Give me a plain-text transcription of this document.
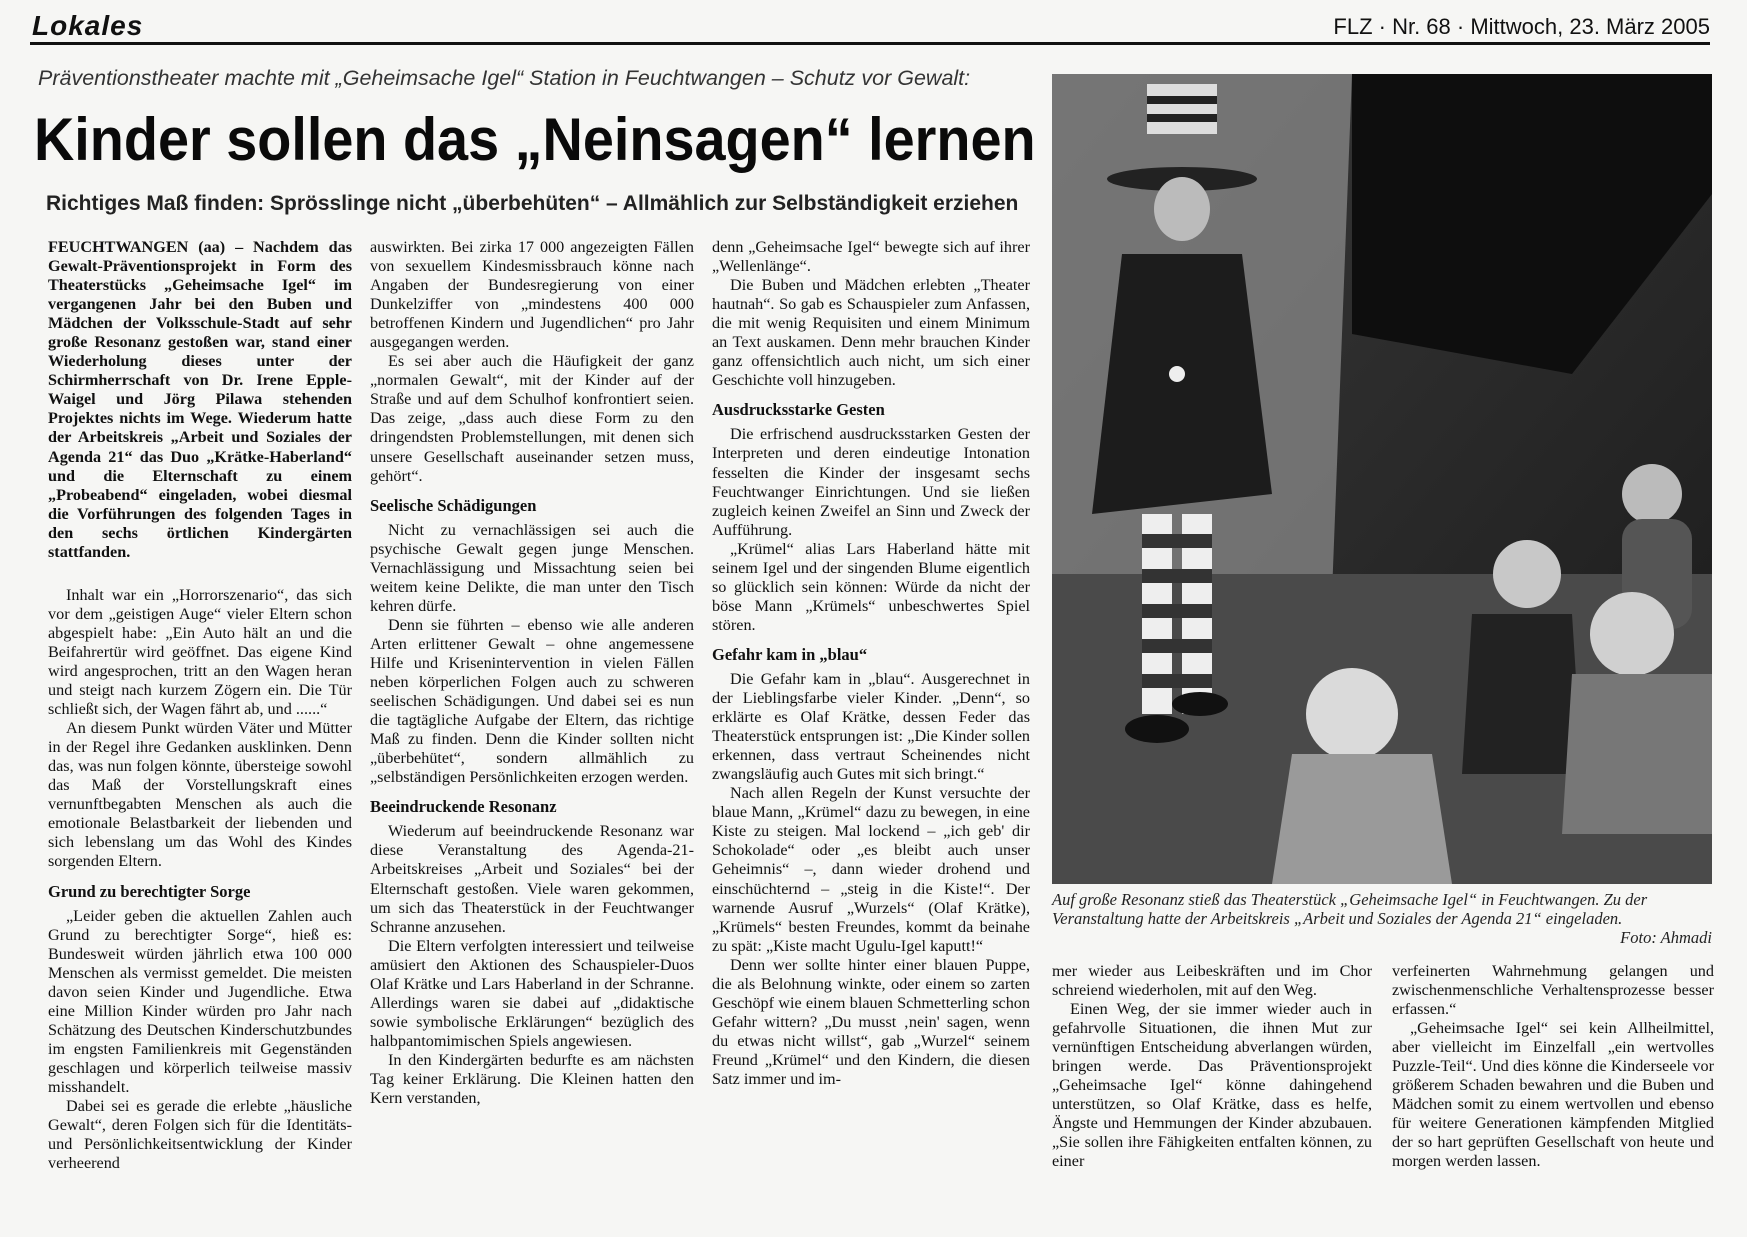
Lokales	FLZ · Nr. 68 · Mittwoch, 23. März 2005
Präventionstheater machte mit „Geheimsache Igel“ Station in Feuchtwangen – Schutz vor Gewalt:
Kinder sollen das „Neinsagen“ lernen
Richtiges Maß finden: Sprösslinge nicht „überbehüten“ – Allmählich zur Selbständigkeit erziehen

FEUCHTWANGEN (aa) – Nachdem das Gewalt-Präventionsprojekt in Form des Theaterstücks „Geheimsache Igel“ im vergangenen Jahr bei den Buben und Mädchen der Volksschule-Stadt auf sehr große Resonanz gestoßen war, stand einer Wiederholung dieses unter der Schirmherrschaft von Dr. Irene Epple-Waigel und Jörg Pilawa stehenden Projektes nichts im Wege. Wiederum hatte der Arbeitskreis „Arbeit und Soziales der Agenda 21“ das Duo „Krätke-Haberland“ und die Elternschaft zu einem „Probeabend“ eingeladen, wobei diesmal die Vorführungen des folgenden Tages in den sechs örtlichen Kindergärten stattfanden.

Inhalt war ein „Horrorszenario“, das sich vor dem „geistigen Auge“ vieler Eltern schon abgespielt habe: „Ein Auto hält an und die Beifahrertür wird geöffnet. Das eigene Kind wird angesprochen, tritt an den Wagen heran und steigt nach kurzem Zögern ein. Die Tür schließt sich, der Wagen fährt ab, und ......“

An diesem Punkt würden Väter und Mütter in der Regel ihre Gedanken ausklinken. Denn das, was nun folgen könnte, übersteige sowohl das Maß der Vorstellungskraft eines vernunftbegabten Menschen als auch die emotionale Belastbarkeit der liebenden und sich lebenslang um das Wohl des Kindes sorgenden Eltern.

Grund zu berechtigter Sorge

„Leider geben die aktuellen Zahlen auch Grund zu berechtigter Sorge“, hieß es: Bundesweit würden jährlich etwa 100 000 Menschen als vermisst gemeldet. Die meisten davon seien Kinder und Jugendliche. Etwa eine Million Kinder würden pro Jahr nach Schätzung des Deutschen Kinderschutzbundes im engsten Familienkreis mit Gegenständen geschlagen und körperlich teilweise massiv misshandelt.

Dabei sei es gerade die erlebte „häusliche Gewalt“, deren Folgen sich für die Identitäts- und Persönlichkeitsentwicklung der Kinder verheerend

auswirkten. Bei zirka 17 000 angezeigten Fällen von sexuellem Kindesmissbrauch könne nach Angaben der Bundesregierung von einer Dunkelziffer von „mindestens 400 000 betroffenen Kindern und Jugendlichen“ pro Jahr ausgegangen werden.

Es sei aber auch die Häufigkeit der ganz „normalen Gewalt“, mit der Kinder auf der Straße und auf dem Schulhof konfrontiert seien. Das zeige, „dass auch diese Form zu den dringendsten Problemstellungen, mit denen sich unsere Gesellschaft auseinander setzen muss, gehört“.

Seelische Schädigungen

Nicht zu vernachlässigen sei auch die psychische Gewalt gegen junge Menschen. Vernachlässigung und Missachtung seien bei weitem keine Delikte, die man unter den Tisch kehren dürfe.

Denn sie führten – ebenso wie alle anderen Arten erlittener Gewalt – ohne angemessene Hilfe und Krisenintervention in vielen Fällen neben körperlichen Folgen auch zu schweren seelischen Schädigungen. Und dabei sei es nun die tagtägliche Aufgabe der Eltern, das richtige Maß zu finden. Denn die Kinder sollten nicht „überbehütet“, sondern allmählich zu „selbständigen Persönlichkeiten erzogen werden.

Beeindruckende Resonanz

Wiederum auf beeindruckende Resonanz war diese Veranstaltung des Agenda-21-Arbeitskreises „Arbeit und Soziales“ bei der Elternschaft gestoßen. Viele waren gekommen, um sich das Theaterstück in der Feuchtwanger Schranne anzusehen.

Die Eltern verfolgten interessiert und teilweise amüsiert den Aktionen des Schauspieler-Duos Olaf Krätke und Lars Haberland in der Schranne. Allerdings waren sie dabei auf „didaktische sowie symbolische Erklärungen“ bezüglich des halbpantomimischen Spiels angewiesen.

In den Kindergärten bedurfte es am nächsten Tag keiner Erklärung. Die Kleinen hatten den Kern verstanden,

denn „Geheimsache Igel“ bewegte sich auf ihrer „Wellenlänge“.

Die Buben und Mädchen erlebten „Theater hautnah“. So gab es Schauspieler zum Anfassen, die mit wenig Requisiten und einem Minimum an Text auskamen. Denn mehr brauchen Kinder ganz offensichtlich auch nicht, um sich einer Geschichte voll hinzugeben.

Ausdrucksstarke Gesten

Die erfrischend ausdrucksstarken Gesten der Interpreten und deren eindeutige Intonation fesselten die Kinder der insgesamt sechs Feuchtwanger Einrichtungen. Und sie ließen zugleich keinen Zweifel an Sinn und Zweck der Aufführung.

„Krümel“ alias Lars Haberland hätte mit seinem Igel und der singenden Blume eigentlich so glücklich sein können: Würde da nicht der böse Mann „Krümels“ unbeschwertes Spiel stören.

Gefahr kam in „blau“

Die Gefahr kam in „blau“. Ausgerechnet in der Lieblingsfarbe vieler Kinder. „Denn“, so erklärte es Olaf Krätke, dessen Feder das Theaterstück entsprungen ist: „Die Kinder sollen erkennen, dass vertraut Scheinendes nicht zwangsläufig auch Gutes mit sich bringt.“

Nach allen Regeln der Kunst versuchte der blaue Mann, „Krümel“ dazu zu bewegen, in eine Kiste zu steigen. Mal lockend – „ich geb' dir Schokolade“ oder „es bleibt auch unser Geheimnis“ –, dann wieder drohend und einschüchternd – „steig in die Kiste!“. Der warnende Ausruf „Wurzels“ (Olaf Krätke), „Krümels“ besten Freundes, kommt da beinahe zu spät: „Kiste macht Ugulu-Igel kaputt!“

Denn wer sollte hinter einer blauen Puppe, die als Belohnung winkte, oder einem so zarten Geschöpf wie einem blauen Schmetterling schon Gefahr wittern? „Du musst ‚nein' sagen, wenn du etwas nicht willst“, gab „Wurzel“ seinem Freund „Krümel“ und den Kindern, die diesen Satz immer und im-

Auf große Resonanz stieß das Theaterstück „Geheimsache Igel“ in Feuchtwangen. Zu der Veranstaltung hatte der Arbeitskreis „Arbeit und Soziales der Agenda 21“ eingeladen.
Foto: Ahmadi

mer wieder aus Leibeskräften und im Chor schreiend wiederholen, mit auf den Weg.

Einen Weg, der sie immer wieder auch in gefahrvolle Situationen, die ihnen Mut zur vernünftigen Entscheidung abverlangen würden, bringen werde. Das Präventionsprojekt „Geheimsache Igel“ könne dahingehend unterstützen, so Olaf Krätke, dass es helfe, Ängste und Hemmungen der Kinder abzubauen. „Sie sollen ihre Fähigkeiten entfalten können, zu einer

verfeinerten Wahrnehmung gelangen und zwischenmenschliche Verhaltensprozesse besser erfassen.“

„Geheimsache Igel“ sei kein Allheilmittel, aber vielleicht im Einzelfall „ein wertvolles Puzzle-Teil“. Und dies könne die Kinderseele vor größerem Schaden bewahren und die Buben und Mädchen somit zu einem wertvollen und ebenso für weitere Generationen kämpfenden Mitglied der so hart geprüften Gesellschaft von heute und morgen werden lassen.
